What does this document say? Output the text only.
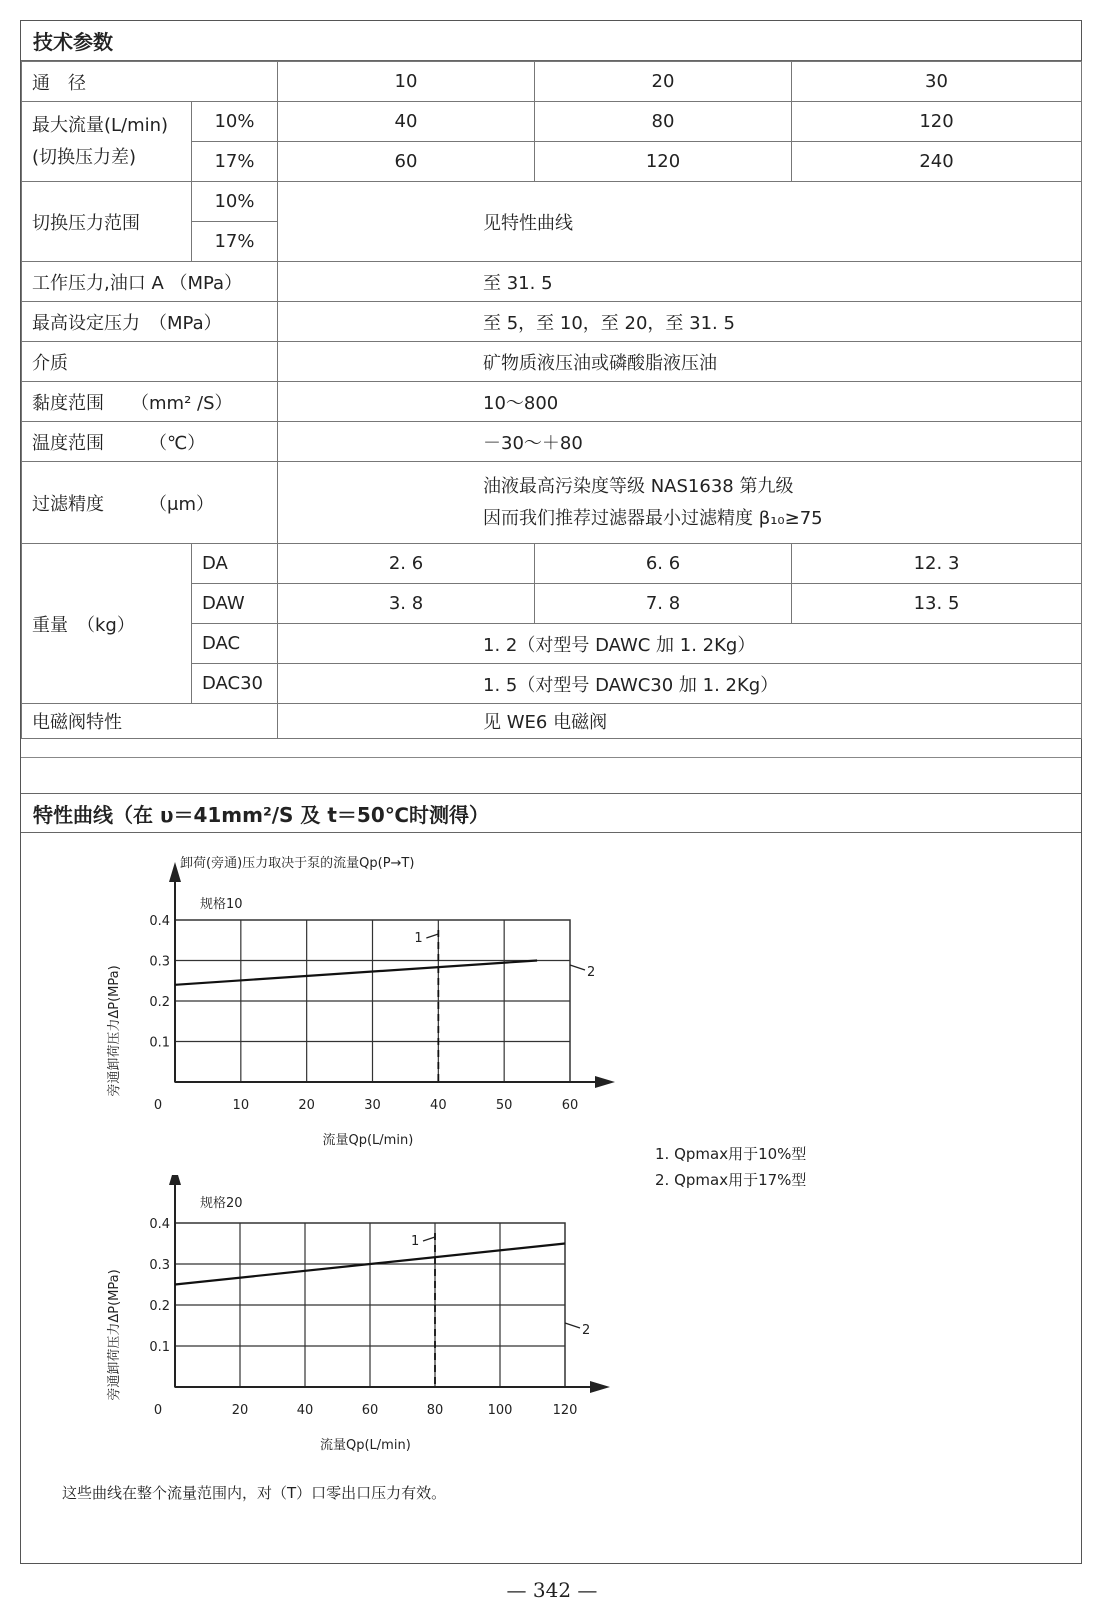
技术参数
通　径		10	20	30

最大流量(L/min)
(切换压力差)	10%	40	80	120
	17%	60	120	240
切换压力范围	10%	见特性曲线		
	17%			
工作压力,油口 A （MPa）		至 31. 5		
最高设定压力　（MPa）		至 5，至 10，至 20，至 31. 5		
介质		矿物质液压油或磷酸脂液压油		
黏度范围　　（mm² /S）		10～800		
温度范围　　　（℃）		－30～＋80		
过滤精度　　　（μm）		油液最高污染度等级 NAS1638 第九级
因而我们推荐过滤器最小过滤精度 β₁₀≥75		

重量　（kg）	DA	2. 6	6. 6	12. 3
	DAW	3. 8	7. 8	13. 5
	DAC	1. 2（对型号 DAWC 加 1. 2Kg）		
	DAC30	1. 5（对型号 DAWC30 加 1. 2Kg）		
电磁阀特性		见 WE6 电磁阀		
特性曲线（在 υ＝41mm²/S 及 t＝50℃时测得）
卸荷(旁通)压力取决于泵的流量Qp(P→T)
规格10
0	10	20	30	40	50	60
0.1
0.2
0.3
0.4
1
2
流量Qp(L/min)
旁通卸荷压力ΔP(MPa)
规格20
0	20	40	60	80	100	120
0.1
0.2
0.3
0.4
1
2
流量Qp(L/min)
旁通卸荷压力ΔP(MPa)
1. Qpmax用于10%型
2. Qpmax用于17%型
这些曲线在整个流量范围内，对（T）口零出口压力有效。
— 342 —
